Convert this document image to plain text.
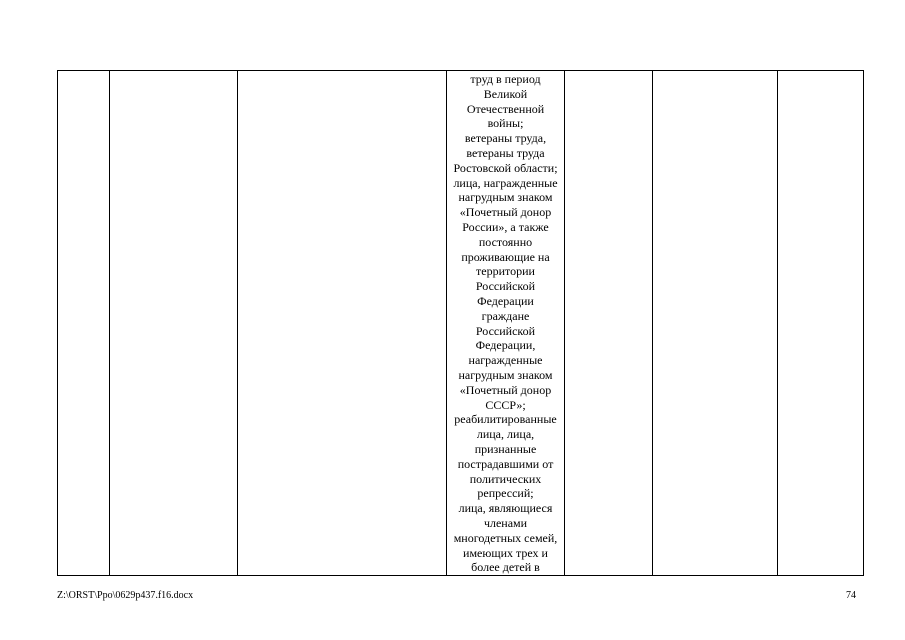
труд в период
Великой
Отечественной
войны;
ветераны труда,
ветераны труда
Ростовской области;
лица, награжденные
нагрудным знаком
«Почетный донор
России», а также
постоянно
проживающие на
территории
Российской
Федерации
граждане
Российской
Федерации,
награжденные
нагрудным знаком
«Почетный донор
СССР»;
реабилитированные
лица, лица,
признанные
пострадавшими от
политических
репрессий;
лица, являющиеся
членами
многодетных семей,
имеющих трех и
более детей в

Z:\ORST\Ppo\0629p437.f16.docx	74
